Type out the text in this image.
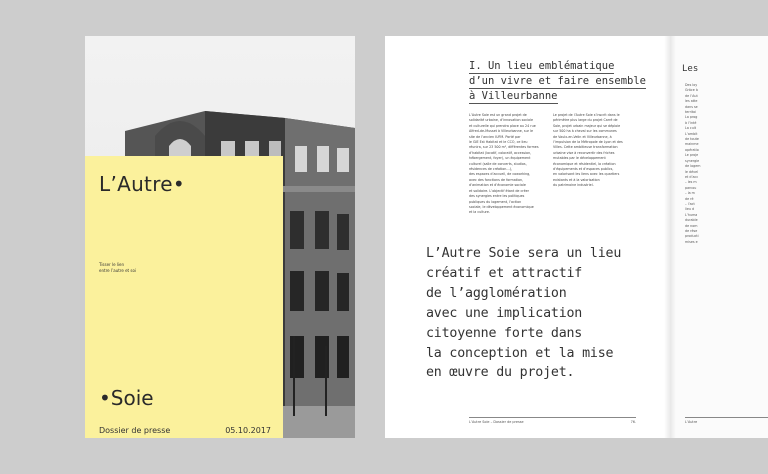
L’Autre•
Tisser le lien
entre l’autre et soi
•Soie
Dossier de presse	05.10.2017
I. Un lieu emblématique
d’un vivre et faire ensemble
à Villeurbanne

L’Autre Soie est un grand projet de

solidarité urbaine, d’innovation sociale

et culturelle qui prendra place au 24 rue

Alfred-de-Musset à Villeurbanne, sur le

site de l’ancien IUFM. Porté par

le GIE Est Habitat et le CCO, ce lieu

réunira, sur 23 500 m², différentes formes

d’habitat (locatif, coloratif, accession,

hébergement, foyer), un équipement

culturel (salle de concerts, studios,

résidences de création…),

des espaces d’accueil, de coworking,

avec des fonctions de formation,

d’animation et d’économie sociale

et solidaire. L’objectif étant de créer

des synergies entre les politiques

publiques du logement, l’action

sociale, le développement économique

et la culture.

Le projet de l’Autre Soie s’inscrit dans le

périmètre plus large du projet Carré de

Soie, projet urbain majeur qui se déploie

sur 500 ha à cheval sur les communes

de Vaulx-en-Velin et Villeurbanne, à

l’impulsion de la Métropole de Lyon et des

Villes. Cette ambitieuse transformation

urbaine vise à reconvertir des friches

mutables par le développement

économique et résidentiel, la création

d’équipements et d’espaces publics,

en valorisant les liens avec les quartiers

existants et à la valorisation

du patrimoine industriel.

L’Autre Soie sera un lieu

créatif et attractif

de l’agglomération

avec une implication

citoyenne forte dans

la conception et la mise

en œuvre du projet.

L’Autre Soie – Dossier de presse	76.
Les

Des loy

Grâce à

de l’Aut

les atte

dans se

territoi

La prog

à l’inté

La cult

L’ambit

de toute

mainme

opératio

Le proje

synergie

de logem

le dével

et d’acc

– les m

parcou

– la m

de ré

– l’act

lieu d

L’huma

durable

de nom

de rése

producti

mises e

L’Autre
